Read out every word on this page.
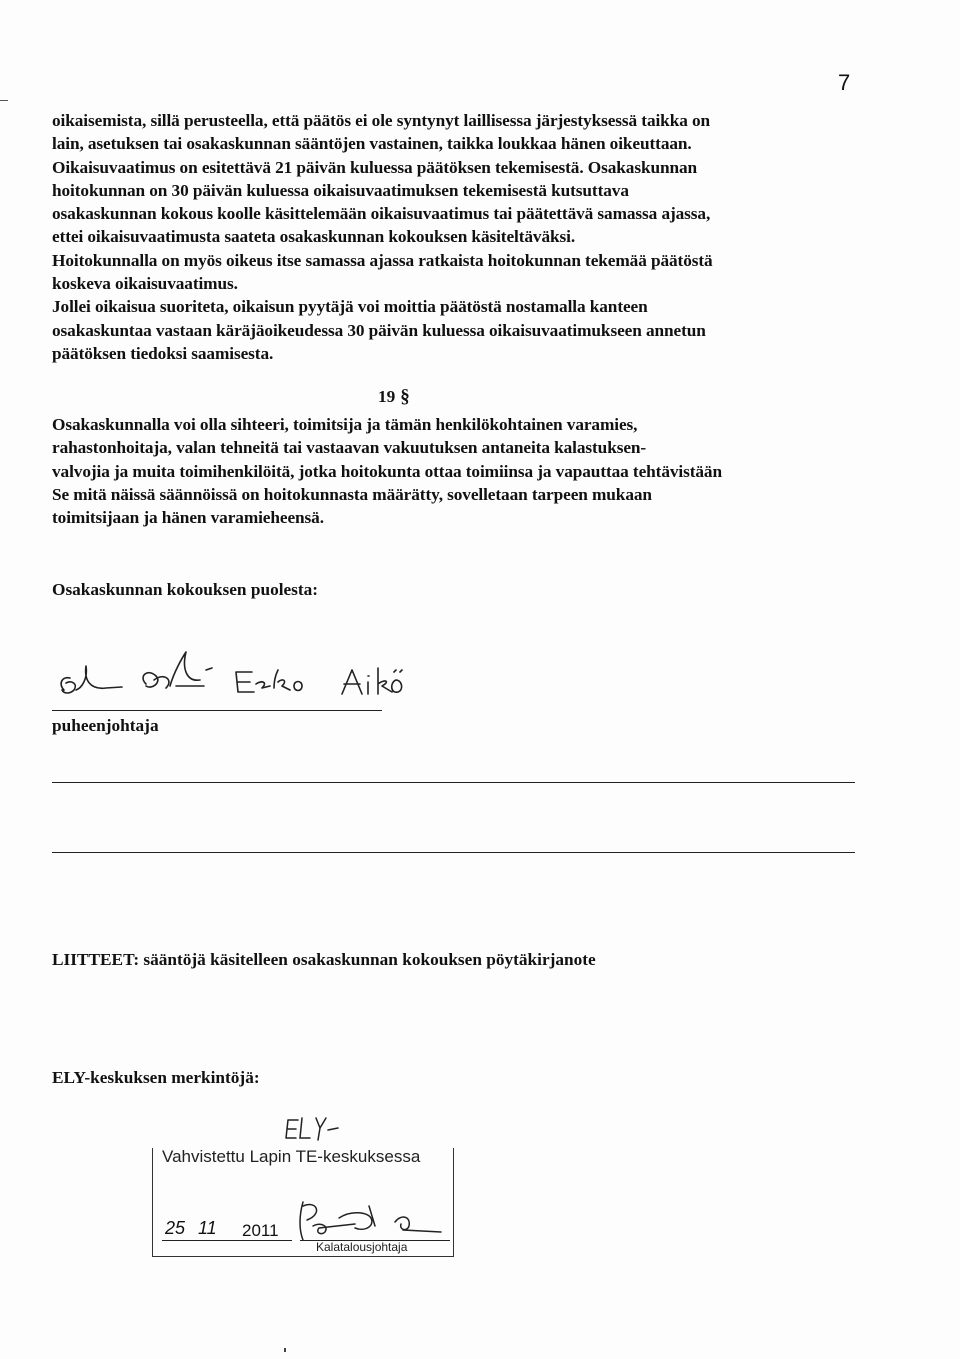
7
oikaisemista, sillä perusteella, että päätös ei ole syntynyt laillisessa järjestyksessä taikka on
lain, asetuksen tai osakaskunnan sääntöjen vastainen, taikka loukkaa hänen oikeuttaan.
Oikaisuvaatimus on esitettävä 21 päivän kuluessa päätöksen tekemisestä. Osakaskunnan
hoitokunnan on 30 päivän kuluessa oikaisuvaatimuksen tekemisestä kutsuttava
osakaskunnan kokous koolle käsittelemään oikaisuvaatimus tai päätettävä samassa ajassa,
ettei oikaisuvaatimusta saateta osakaskunnan kokouksen käsiteltäväksi.
Hoitokunnalla on myös oikeus itse samassa ajassa ratkaista hoitokunnan tekemää päätöstä
koskeva oikaisuvaatimus.
Jollei oikaisua suoriteta, oikaisun pyytäjä voi moittia päätöstä nostamalla kanteen
osakaskuntaa vastaan käräjäoikeudessa 30 päivän kuluessa oikaisuvaatimukseen annetun
päätöksen tiedoksi saamisesta.
19 §
Osakaskunnalla voi olla sihteeri, toimitsija ja tämän henkilökohtainen varamies,
rahastonhoitaja, valan tehneitä tai vastaavan vakuutuksen antaneita kalastuksen-
valvojia ja muita toimihenkilöitä, jotka hoitokunta ottaa toimiinsa ja vapauttaa tehtävistään
Se mitä näissä säännöissä on hoitokunnasta määrätty, sovelletaan tarpeen mukaan
toimitsijaan ja hänen varamieheensä.
Osakaskunnan kokouksen puolesta:
puheenjohtaja
LIITTEET: sääntöjä käsitelleen osakaskunnan kokouksen pöytäkirjanote
ELY-keskuksen merkintöjä:
Vahvistettu Lapin TE-keskuksessa
25 11 2011
Kalatalousjohtaja
